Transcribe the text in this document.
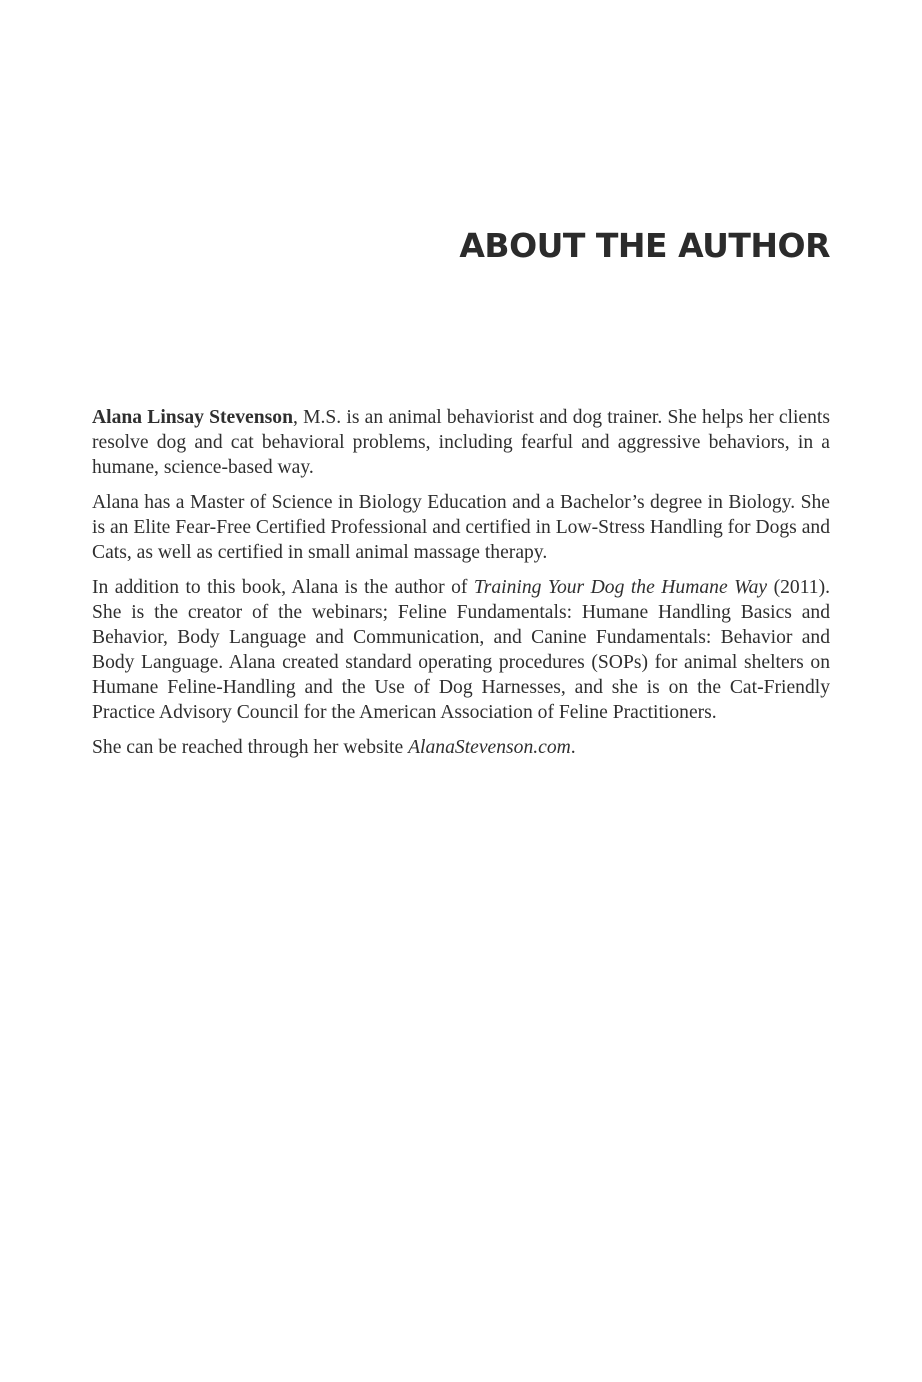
ABOUT THE AUTHOR

Alana Linsay Stevenson, M.S. is an animal behaviorist and dog trainer. She helps her clients resolve dog and cat behavioral problems, including fearful and aggressive behaviors, in a humane, science-based way.

Alana has a Master of Science in Biology Education and a Bachelor’s degree in Biology. She is an Elite Fear-Free Certified Professional and certified in Low-Stress Handling for Dogs and Cats, as well as certified in small animal massage therapy.

In addition to this book, Alana is the author of Training Your Dog the Humane Way (2011). She is the creator of the webinars; Feline Fundamentals: Humane Handling Basics and Behavior, Body Language and Communication, and Canine Fundamentals: Behavior and Body Language. Alana created standard operating procedures (SOPs) for animal shelters on Humane Feline-Handling and the Use of Dog Harnesses, and she is on the Cat-Friendly Practice Advisory Council for the American Association of Feline Practitioners.

She can be reached through her website AlanaStevenson.com.
